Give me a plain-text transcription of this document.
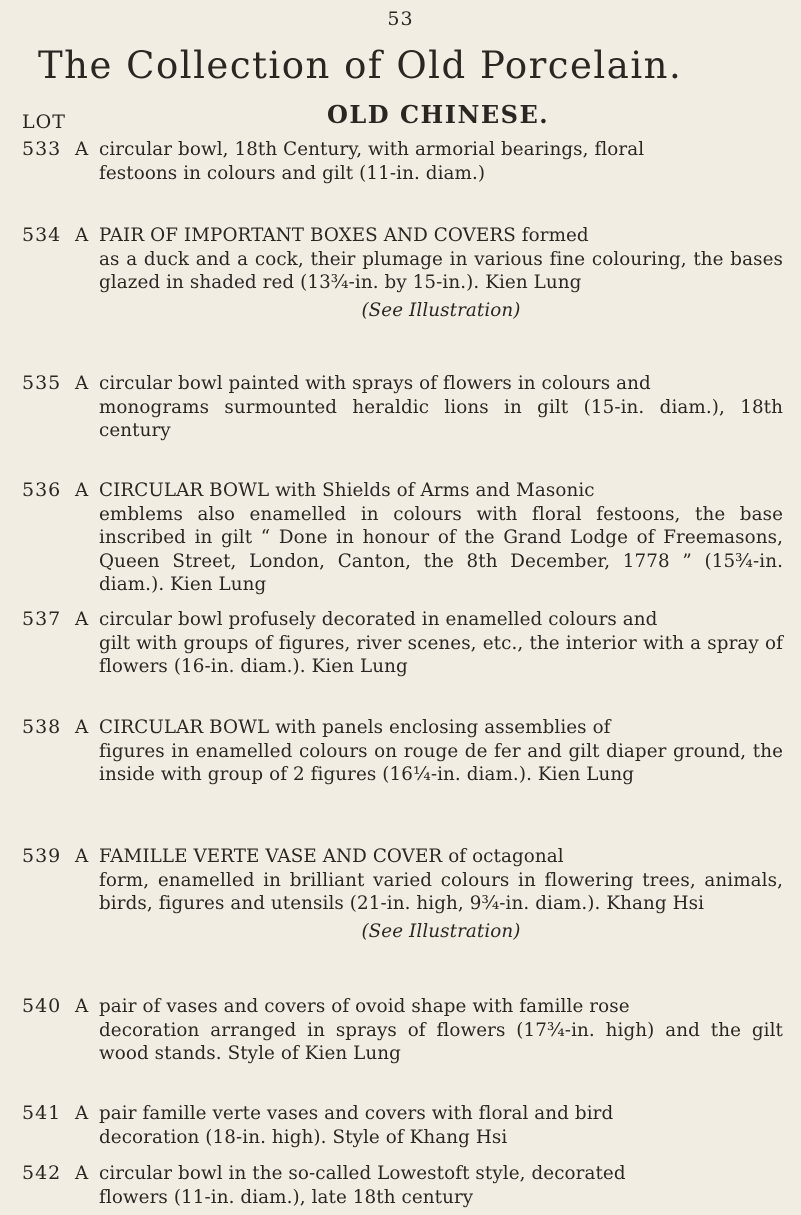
53
The Collection of Old Porcelain.
OLD CHINESE.
LOT
533 A circular bowl, 18th Century, with armorial bearings, floral
festoons in colours and gilt (11-in. diam.)
534 A PAIR OF IMPORTANT BOXES AND COVERS formed
as a duck and a cock, their plumage in various fine colouring, the bases glazed in shaded red (13¾-in. by 15-in.). Kien Lung
(See Illustration)
535 A circular bowl painted with sprays of flowers in colours and
monograms surmounted heraldic lions in gilt (15-in. diam.), 18th century
536 A CIRCULAR BOWL with Shields of Arms and Masonic
emblems also enamelled in colours with floral festoons, the base inscribed in gilt “ Done in honour of the Grand Lodge of Freemasons, Queen Street, London, Canton, the 8th December, 1778 ” (15¾-in. diam.). Kien Lung
537 A circular bowl profusely decorated in enamelled colours and
gilt with groups of figures, river scenes, etc., the interior with a spray of flowers (16-in. diam.). Kien Lung
538 A CIRCULAR BOWL with panels enclosing assemblies of
figures in enamelled colours on rouge de fer and gilt diaper ground, the inside with group of 2 figures (16¼-in. diam.). Kien Lung
539 A FAMILLE VERTE VASE AND COVER of octagonal
form, enamelled in brilliant varied colours in flowering trees, animals, birds, figures and utensils (21-in. high, 9¾-in. diam.). Khang Hsi
(See Illustration)
540 A pair of vases and covers of ovoid shape with famille rose
decoration arranged in sprays of flowers (17¾-in. high) and the gilt wood stands. Style of Kien Lung
541 A pair famille verte vases and covers with floral and bird
decoration (18-in. high). Style of Khang Hsi
542 A circular bowl in the so-called Lowestoft style, decorated
flowers (11-in. diam.), late 18th century
